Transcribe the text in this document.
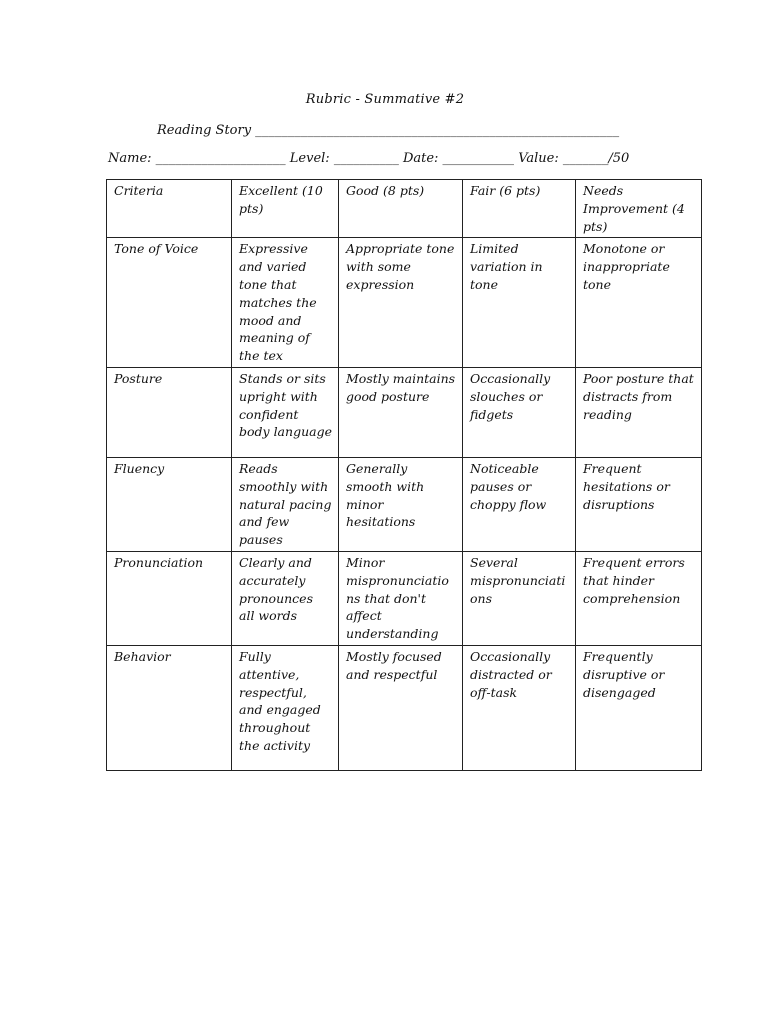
Rubric - Summative #2
Reading Story ________________________________________________________
Name: ____________________ Level: __________ Date: ___________ Value: _______/50
Criteria	Excellent (10 pts)	Good (8 pts)	Fair (6 pts)	Needs Improvement (4 pts)
Tone of Voice	Expressive and varied tone that matches the mood and meaning of the tex	Appropriate tone with some expression	Limited variation in tone	Monotone or inappropriate tone
Posture	Stands or sits upright with confident body language	Mostly maintains good posture	Occasionally slouches or fidgets	Poor posture that distracts from reading
Fluency	Reads smoothly with natural pacing and few pauses	Generally smooth with minor hesitations	Noticeable pauses or choppy flow	Frequent hesitations or disruptions
Pronunciation	Clearly and accurately pronounces all words	Minor mispronunciations that don't affect understanding	Several mispronunciations	Frequent errors that hinder comprehension
Behavior	Fully attentive, respectful, and engaged throughout the activity	Mostly focused and respectful	Occasionally distracted or off-task	Frequently disruptive or disengaged
